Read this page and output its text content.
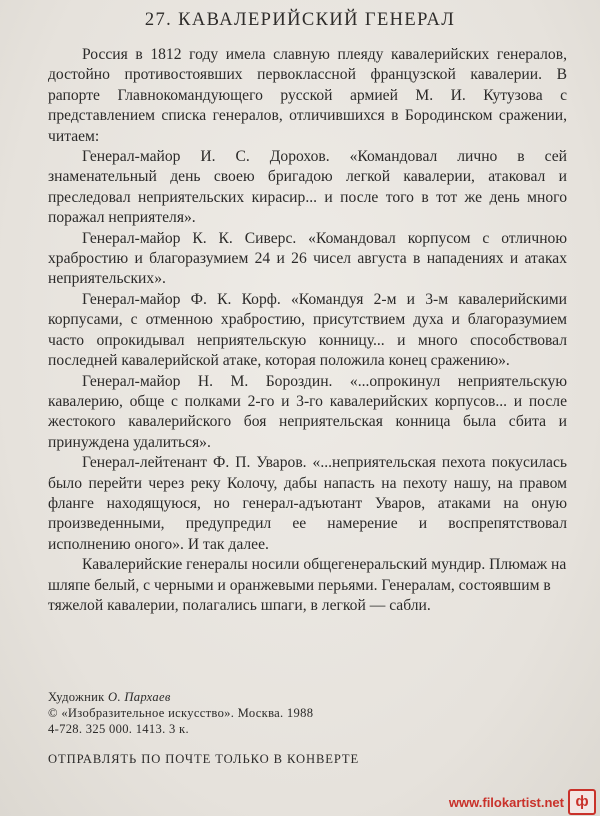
27. КАВАЛЕРИЙСКИЙ ГЕНЕРАЛ

Россия в 1812 году имела славную плеяду кавалерийских генералов, достойно противостоявших первоклассной французской кавалерии. В рапорте Главнокомандующего русской армией М. И. Кутузова с представлением списка генералов, отличившихся в Бородинском сражении, читаем:

Генерал-майор И. С. Дорохов. «Командовал лично в сей знаменательный день своею бригадою легкой кавалерии, атаковал и преследовал неприятельских кирасир... и после того в тот же день много поражал неприятеля».

Генерал-майор К. К. Сиверс. «Командовал корпусом с отличною храбростию и благоразумием 24 и 26 чисел августа в нападениях и атаках неприятельских».

Генерал-майор Ф. К. Корф. «Командуя 2-м и 3-м кавалерийскими корпусами, с отменною храбростию, присутствием духа и благоразумием часто опрокидывал неприятельскую конницу... и много способствовал последней кавалерийской атаке, которая положила конец сражению».

Генерал-майор Н. М. Бороздин. «...опрокинул неприятельскую кавалерию, обще с полками 2-го и 3-го кавалерийских корпусов... и после жестокого кавалерийского боя неприятельская конница была сбита и принуждена удалиться».

Генерал-лейтенант Ф. П. Уваров. «...неприятельская пехота покусилась было перейти через реку Колочу, дабы напасть на пехоту нашу, на правом фланге находящуюся, но генерал-адъютант Уваров, атаками на оную произведенными, предупредил ее намерение и воспрепятствовал исполнению оного». И так далее.

Кавалерийские генералы носили общегенеральский мундир. Плюмаж на шляпе белый, с черными и оранжевыми перьями. Генералам, состоявшим в тяжелой кавалерии, полагались шпаги, в легкой — сабли.

Художник О. Пархаев
© «Изобразительное искусство». Москва. 1988
4-728. 325 000. 1413. 3 к.
ОТПРАВЛЯТЬ ПО ПОЧТЕ ТОЛЬКО В КОНВЕРТЕ
www.filokartist.net ф
